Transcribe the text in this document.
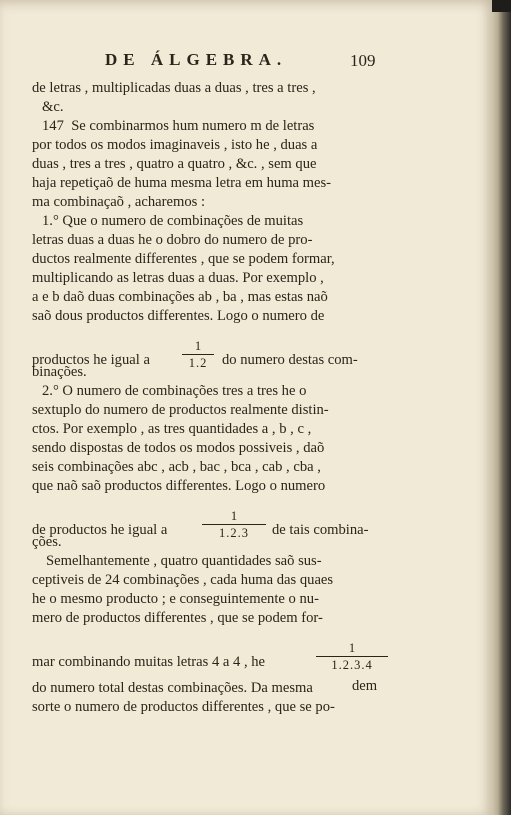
DE ÁLGEBRA.	109
de letras , multiplicadas duas a duas , tres a tres ,
&c.
147  Se combinarmos hum numero m de letras
por todos os modos imaginaveis , isto he , duas a
duas , tres a tres , quatro a quatro , &c. , sem que
haja repetiçaõ de huma mesma letra em huma mes-
ma combinaçaõ , acharemos :
1.° Que o numero de combinações de muitas
letras duas a duas he o dobro do numero de pro-
ductos realmente differentes , que se podem formar,
multiplicando as letras duas a duas. Por exemplo ,
a e b daõ duas combinações ab , ba , mas estas naõ
saõ dous productos differentes. Logo o numero de
productos he igual a
1
1.2	do numero destas com-
binações.
2.° O numero de combinações tres a tres he o
sextuplo do numero de productos realmente distin-
ctos. Por exemplo , as tres quantidades a , b , c ,
sendo dispostas de todos os modos possiveis , daõ
seis combinações abc , acb , bac , bca , cab , cba ,
que naõ saõ productos differentes. Logo o numero
de productos he igual a
1
1.2.3	de tais combina-
ções.
Semelhantemente , quatro quantidades saõ sus-
ceptiveis de 24 combinações , cada huma das quaes
he o mesmo producto ; e conseguintemente o nu-
mero de productos differentes , que se podem for-
mar combinando muitas letras 4 a 4 , he
1
1.2.3.4
do numero total destas combinações. Da mesma
sorte o numero de productos differentes , que se po-
dem
